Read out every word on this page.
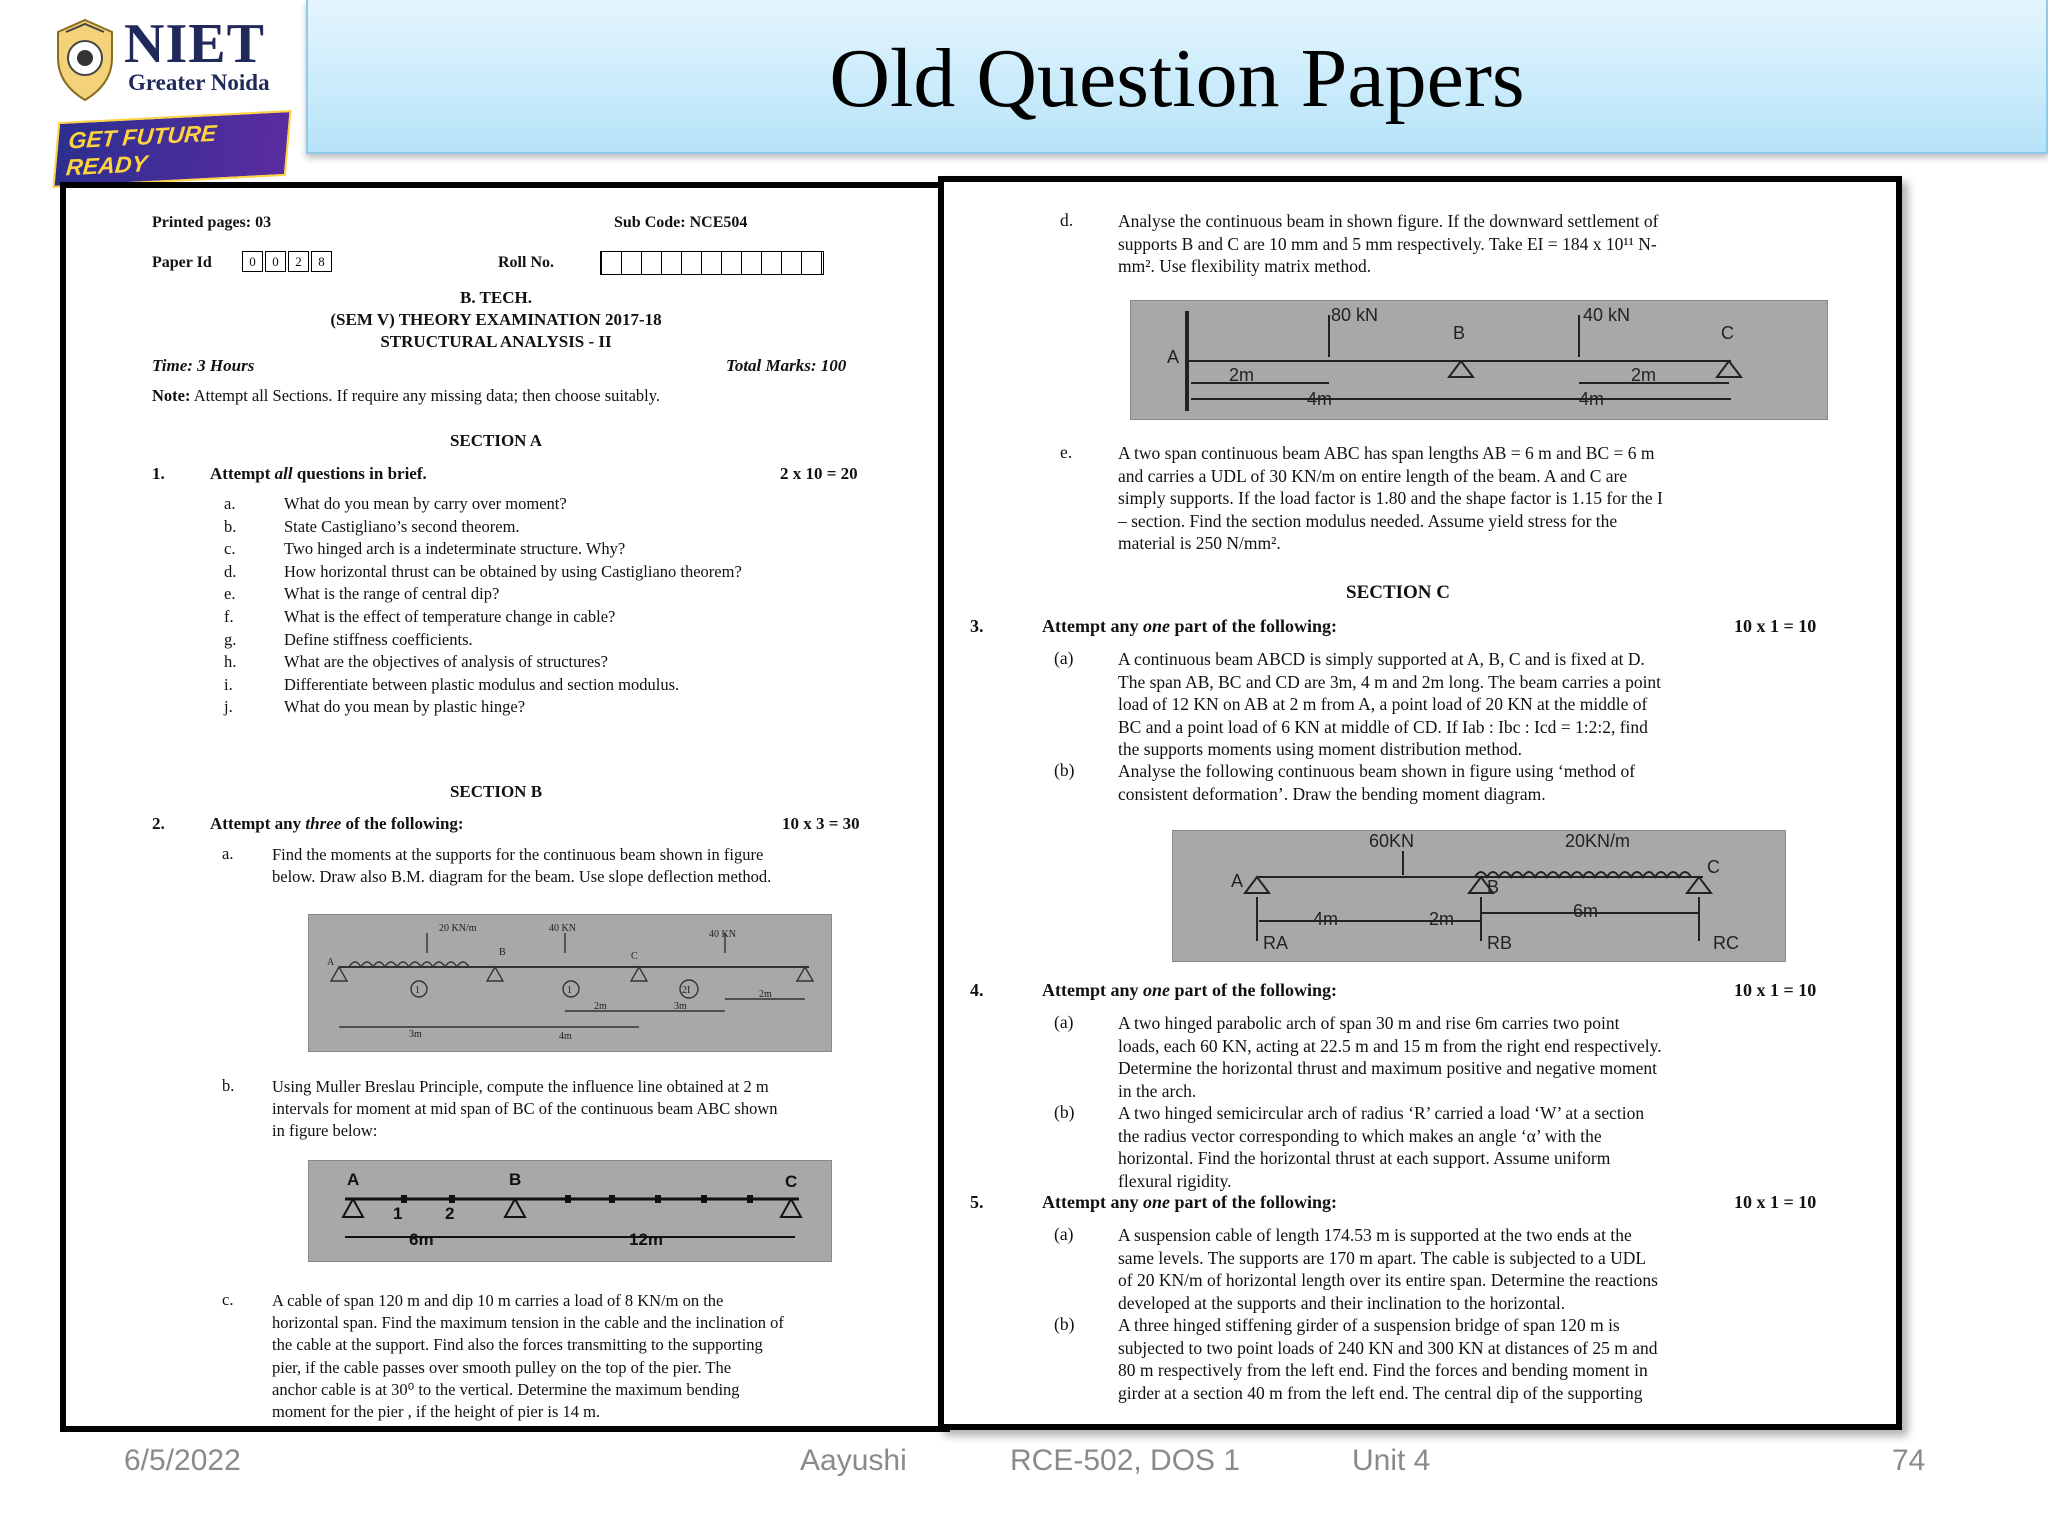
NIET
Greater Noida
GET FUTURE READY
Old Question Papers
Printed pages: 03	Sub Code: NCE504
Paper Id	0 0 2 8	Roll No.
B. TECH.
(SEM V) THEORY EXAMINATION 2017-18
STRUCTURAL ANALYSIS - II
Time: 3 Hours	Total Marks: 100
Note: Attempt all Sections. If require any missing data; then choose suitably.
SECTION A
1.	Attempt all questions in brief.	2 x 10 = 20
SECTION B
2.	Attempt any three of the following:	10 x 3 = 30
a. Find the moments at the supports for the continuous beam shown in figure
below. Draw also B.M. diagram for the beam. Use slope deflection method.
20 KN/m	40 KN
40 KN
A
B	C
1	1	2I
3m	4m
2m	3m
2m
b. Using Muller Breslau Principle, compute the influence line obtained at 2 m
intervals for moment at mid span of BC of the continuous beam ABC shown
in figure below:
A	B	C
1	2
6m	12m
c. A cable of span 120 m and dip 10 m carries a load of 8 KN/m on the
horizontal span. Find the maximum tension in the cable and the inclination of
the cable at the support. Find also the forces transmitting to the supporting
pier, if the cable passes over smooth pulley on the top of the pier. The
anchor cable is at 30⁰ to the vertical. Determine the maximum bending
moment for the pier , if the height of pier is 14 m.
a.	What do you mean by carry over moment?
b.	State Castigliano’s second theorem.
c.	Two hinged arch is a indeterminate structure. Why?
d.	How horizontal thrust can be obtained by using Castigliano theorem?
e.	What is the range of central dip?
f.	What is the effect of temperature change in cable?
g.	Define stiffness coefficients.
h.	What are the objectives of analysis of structures?
i.	Differentiate between plastic modulus and section modulus.
j.	What do you mean by plastic hinge?
d.	Analyse the continuous beam in shown figure. If the downward settlement of
supports B and C are 10 mm and 5 mm respectively. Take EI = 184 x 10¹¹ N-
mm². Use flexibility matrix method.
80 kN	40 kN
A
B	C
2m	2m
4m	4m
e.	A two span continuous beam ABC has span lengths AB = 6 m and BC = 6 m
and carries a UDL of 30 KN/m on entire length of the beam. A and C are
simply supports. If the load factor is 1.80 and the shape factor is 1.15 for the I
– section. Find the section modulus needed. Assume yield stress for the
material is 250 N/mm².
SECTION C
3.	Attempt any one part of the following:	10 x 1 = 10
(a)	A continuous beam ABCD is simply supported at A, B, C and is fixed at D.
The span AB, BC and CD are 3m, 4 m and 2m long. The beam carries a point
load of 12 KN on AB at 2 m from A, a point load of 20 KN at the middle of
BC and a point load of 6 KN at middle of CD. If Iab : Ibc : Icd = 1:2:2, find
the supports moments using moment distribution method.
(b) Analyse the following continuous beam shown in figure using ‘method of
consistent deformation’. Draw the bending moment diagram.
60KN	20KN/m
A	B
C
4m	2m	6m
RA	RB	RC
4.	Attempt any one part of the following:	10 x 1 = 10
(a)	A two hinged parabolic arch of span 30 m and rise 6m carries two point
loads, each 60 KN, acting at 22.5 m and 15 m from the right end respectively.
Determine the horizontal thrust and maximum positive and negative moment
in the arch.
(b) A two hinged semicircular arch of radius ‘R’ carried a load ‘W’ at a section
the radius vector corresponding to which makes an angle ‘α’ with the
horizontal. Find the horizontal thrust at each support. Assume uniform
flexural rigidity.
5.	Attempt any one part of the following:	10 x 1 = 10
(a)	A suspension cable of length 174.53 m is supported at the two ends at the
same levels. The supports are 170 m apart. The cable is subjected to a UDL
of 20 KN/m of horizontal length over its entire span. Determine the reactions
developed at the supports and their inclination to the horizontal.
(b) A three hinged stiffening girder of a suspension bridge of span 120 m is
subjected to two point loads of 240 KN and 300 KN at distances of 25 m and
80 m respectively from the left end. Find the forces and bending moment in
girder at a section 40 m from the left end. The central dip of the supporting
6/5/2022	Aayushi	RCE-502, DOS 1	Unit 4	74
